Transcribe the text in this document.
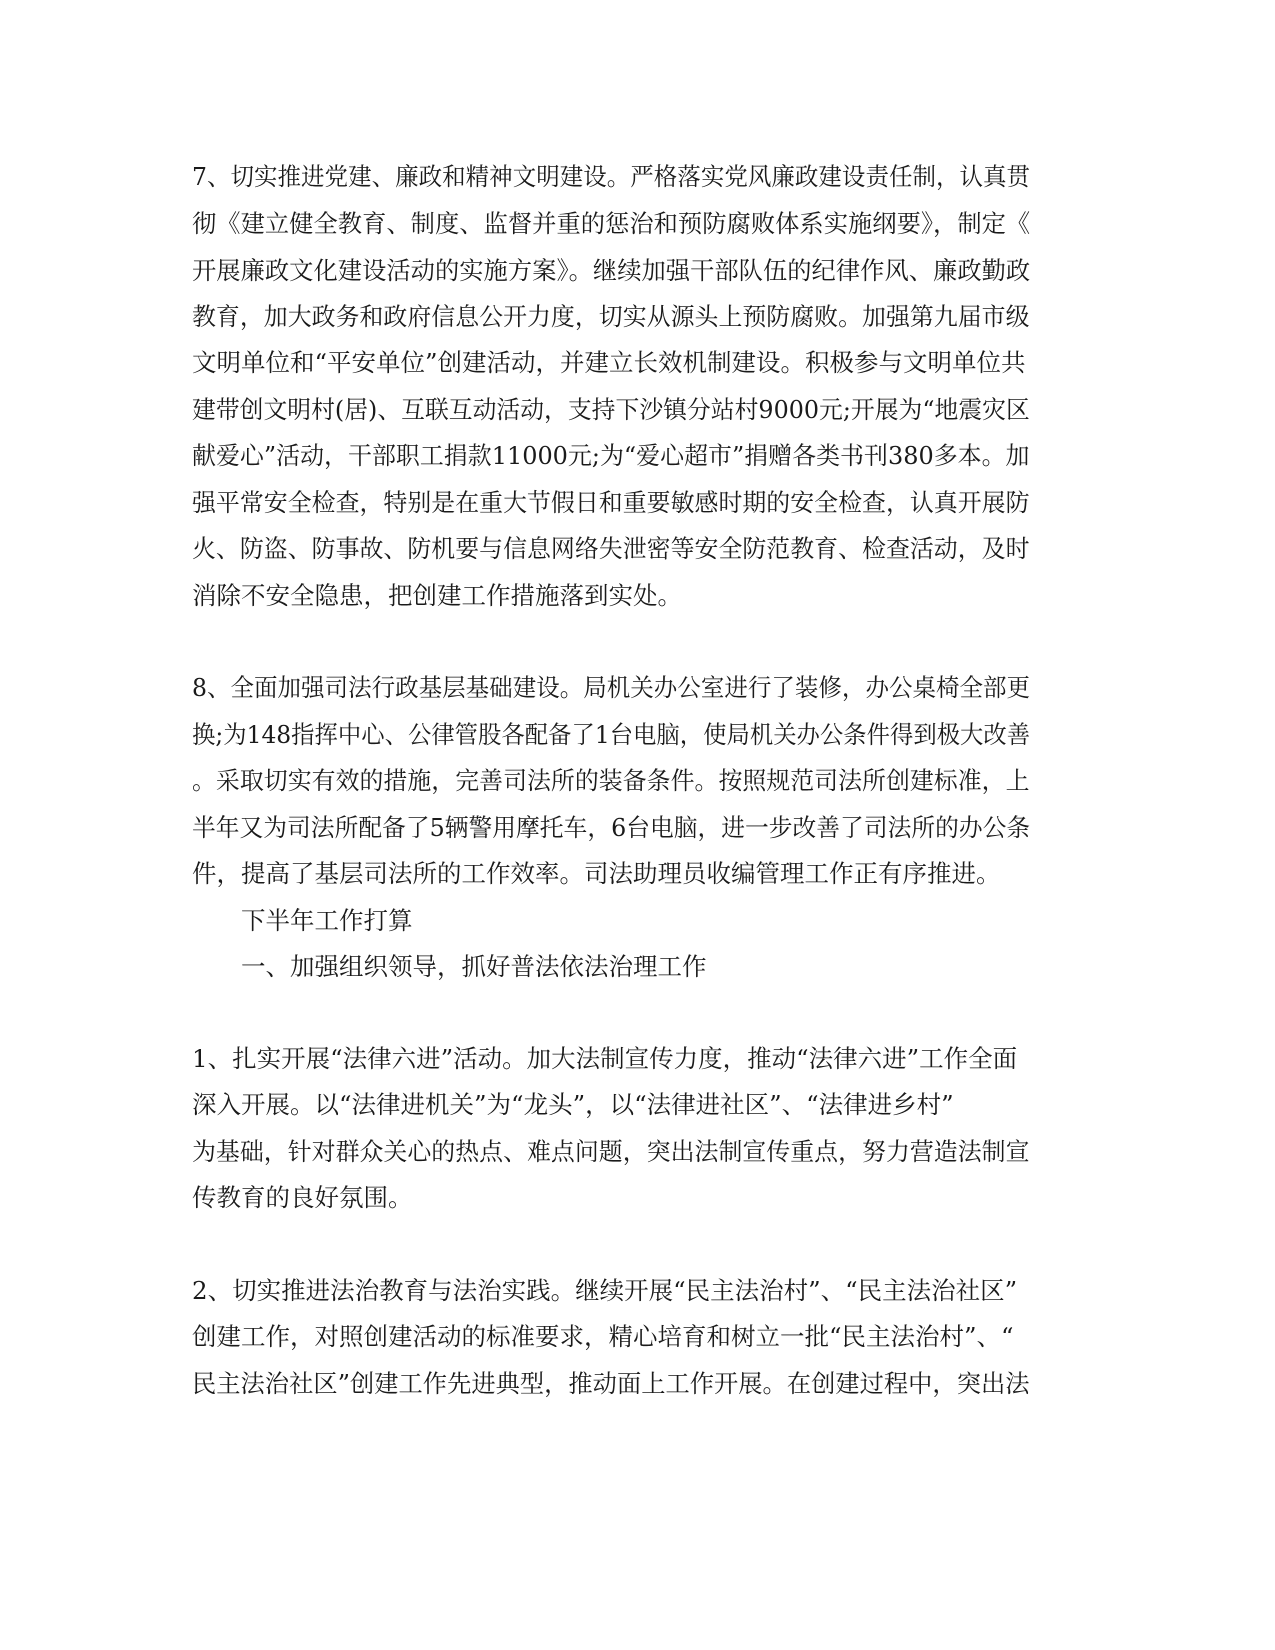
7、切实推进党建、廉政和精神文明建设。严格落实党风廉政建设责任制，认真贯
彻《建立健全教育、制度、监督并重的惩治和预防腐败体系实施纲要》，制定《
开展廉政文化建设活动的实施方案》。继续加强干部队伍的纪律作风、廉政勤政
教育，加大政务和政府信息公开力度，切实从源头上预防腐败。加强第九届市级
文明单位和“平安单位”创建活动，并建立长效机制建设。积极参与文明单位共
建带创文明村(居)、互联互动活动，支持下沙镇分站村9000元;开展为“地震灾区
献爱心”活动，干部职工捐款11000元;为“爱心超市”捐赠各类书刊380多本。加
强平常安全检查，特别是在重大节假日和重要敏感时期的安全检查，认真开展防
火、防盗、防事故、防机要与信息网络失泄密等安全防范教育、检查活动，及时
消除不安全隐患，把创建工作措施落到实处。
8、全面加强司法行政基层基础建设。局机关办公室进行了装修，办公桌椅全部更
换;为148指挥中心、公律管股各配备了1台电脑，使局机关办公条件得到极大改善
。采取切实有效的措施，完善司法所的装备条件。按照规范司法所创建标准，上
半年又为司法所配备了5辆警用摩托车，6台电脑，进一步改善了司法所的办公条
件，提高了基层司法所的工作效率。司法助理员收编管理工作正有序推进。
下半年工作打算
一、加强组织领导，抓好普法依法治理工作
1、扎实开展“法律六进”活动。加大法制宣传力度，推动“法律六进”工作全面
深入开展。以“法律进机关”为“龙头”，以“法律进社区”、“法律进乡村”
为基础，针对群众关心的热点、难点问题，突出法制宣传重点，努力营造法制宣
传教育的良好氛围。
2、切实推进法治教育与法治实践。继续开展“民主法治村”、“民主法治社区”
创建工作，对照创建活动的标准要求，精心培育和树立一批“民主法治村”、“
民主法治社区”创建工作先进典型，推动面上工作开展。在创建过程中，突出法
